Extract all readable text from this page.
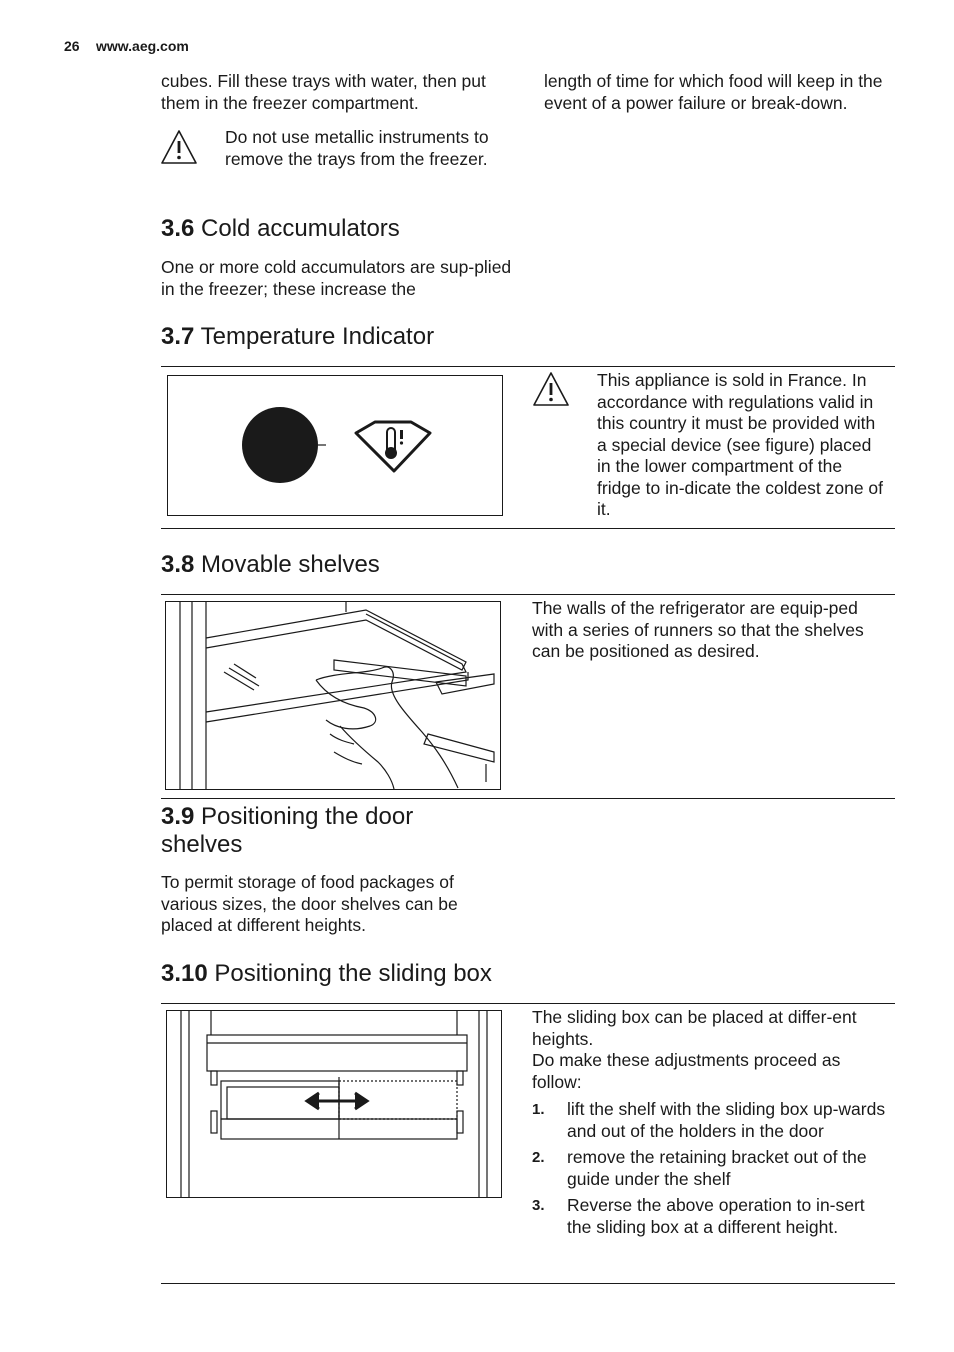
26 www.aeg.com

cubes. Fill these trays with water, then put them in the freezer compartment.

Do not use metallic instruments to remove the trays from the freezer.

length of time for which food will keep in the event of a power failure or break-down.

3.6 Cold accumulators

One or more cold accumulators are sup-plied in the freezer; these increase the

3.7 Temperature Indicator

This appliance is sold in France. In accordance with regulations valid in this country it must be provided with a special device (see figure) placed in the lower compartment of the fridge to in-dicate the coldest zone of it.

3.8 Movable shelves

The walls of the refrigerator are equip-ped with a series of runners so that the shelves can be positioned as desired.

3.9 Positioning the door shelves

To permit storage of food packages of various sizes, the door shelves can be placed at different heights.

3.10 Positioning the sliding box

The sliding box can be placed at differ-ent heights.

Do make these adjustments proceed as follow:

1. lift the shelf with the sliding box up-wards and out of the holders in the door
2. remove the retaining bracket out of the guide under the shelf
3. Reverse the above operation to in-sert the sliding box at a different height.
